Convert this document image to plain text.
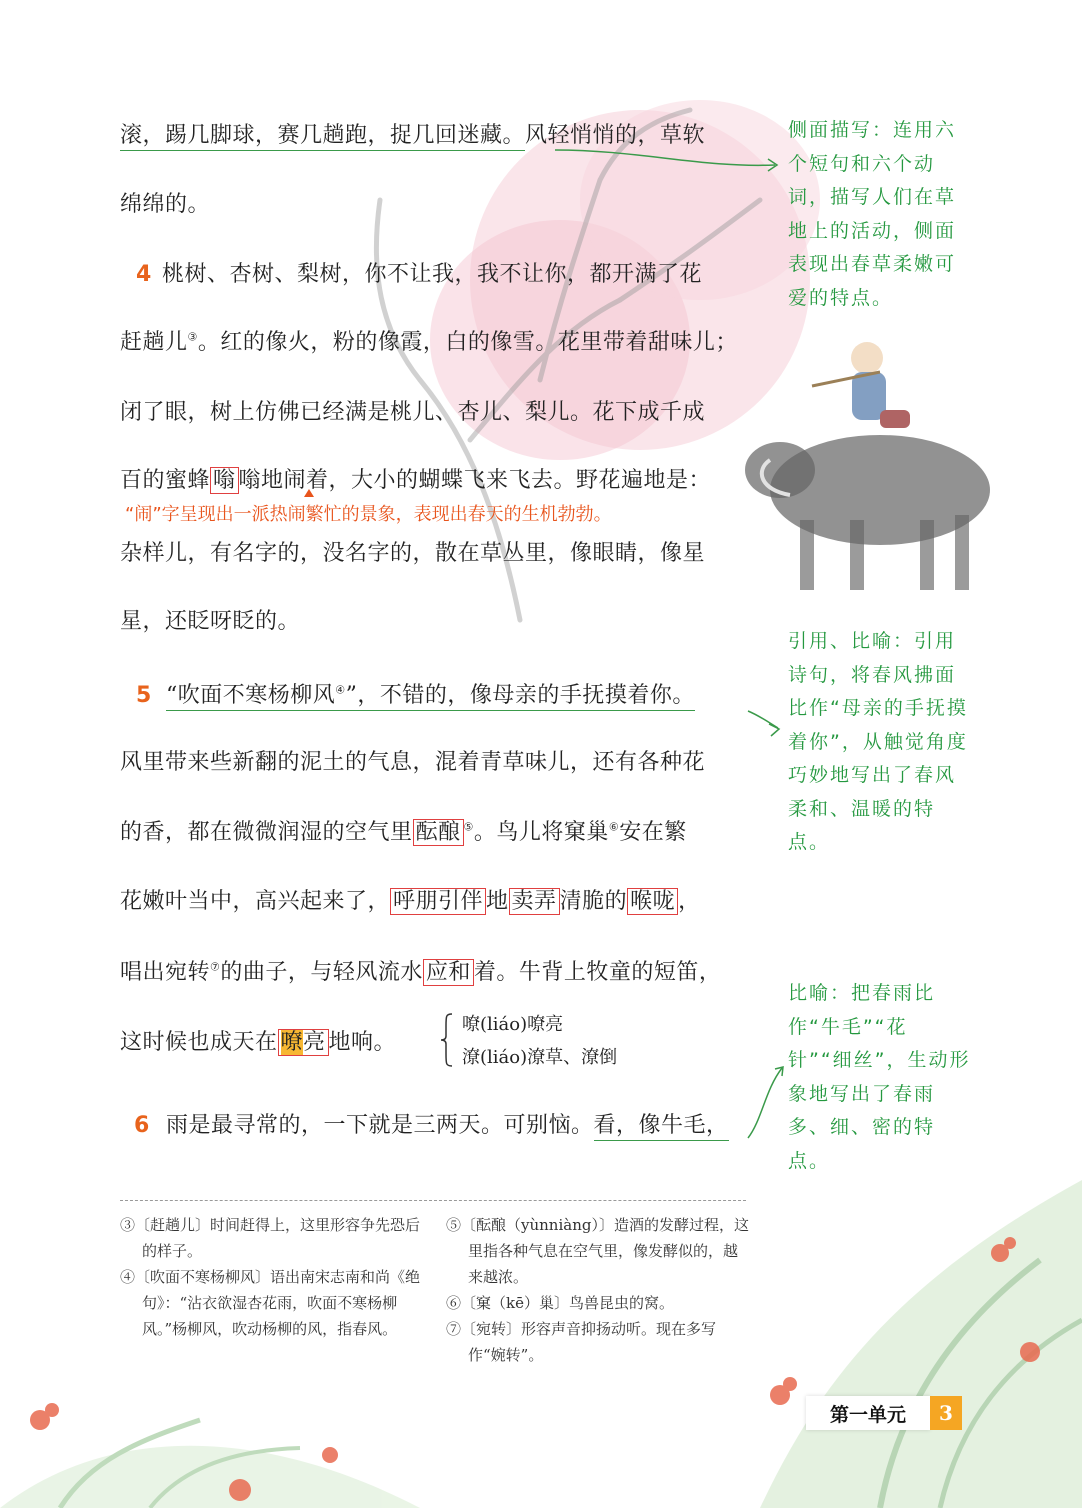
滚，踢几脚球，赛几趟跑，捉几回迷藏。风轻悄悄的，草软
绵绵的。
4 桃树、杏树、梨树，你不让我，我不让你，都开满了花
赶趟儿③。红的像火，粉的像霞，白的像雪。花里带着甜味儿；
闭了眼，树上仿佛已经满是桃儿、杏儿、梨儿。花下成千成
百的蜜蜂 嗡 嗡地闹着，大小的蝴蝶飞来飞去。野花遍地是：
“闹”字呈现出一派热闹繁忙的景象，表现出春天的生机勃勃。
杂样儿，有名字的，没名字的，散在草丛里，像眼睛，像星
星，还眨呀眨的。
5 “吹面不寒杨柳风④”，不错的，像母亲的手抚摸着你。
风里带来些新翻的泥土的气息，混着青草味儿，还有各种花
的香，都在微微润湿的空气里 酝酿 ⑤。鸟儿将窠巢⑥安在繁
花嫩叶当中，高兴起来了， 呼朋引伴 地 卖弄 清脆的 喉咙 ，
唱出宛转⑦的曲子，与轻风流水 应和 着。牛背上牧童的短笛，
这时候也成天在 嘹亮 地响。
嘹(liáo)嘹亮
潦(liáo)潦草、潦倒
6 雨是最寻常的，一下就是三两天。可别恼。看，像牛毛，
侧面描写：连用六个短句和六个动词，描写人们在草地上的活动，侧面表现出春草柔嫩可爱的特点。
引用、比喻：引用诗句，将春风拂面比作“母亲的手抚摸着你”，从触觉角度巧妙地写出了春风柔和、温暖的特点。
比喻：把春雨比作“牛毛”“花针”“细丝”，生动形象地写出了春雨多、细、密的特点。
③〔赶趟儿〕时间赶得上，这里形容争先恐后的样子。
④〔吹面不寒杨柳风〕语出南宋志南和尚《绝句》：“沾衣欲湿杏花雨，吹面不寒杨柳风。”杨柳风，吹动杨柳的风，指春风。
⑤〔酝酿（yùnniàng）〕造酒的发酵过程，这里指各种气息在空气里，像发酵似的，越来越浓。
⑥〔窠（kē）巢〕鸟兽昆虫的窝。
⑦〔宛转〕形容声音抑扬动听。现在多写作“婉转”。
第一单元	3
